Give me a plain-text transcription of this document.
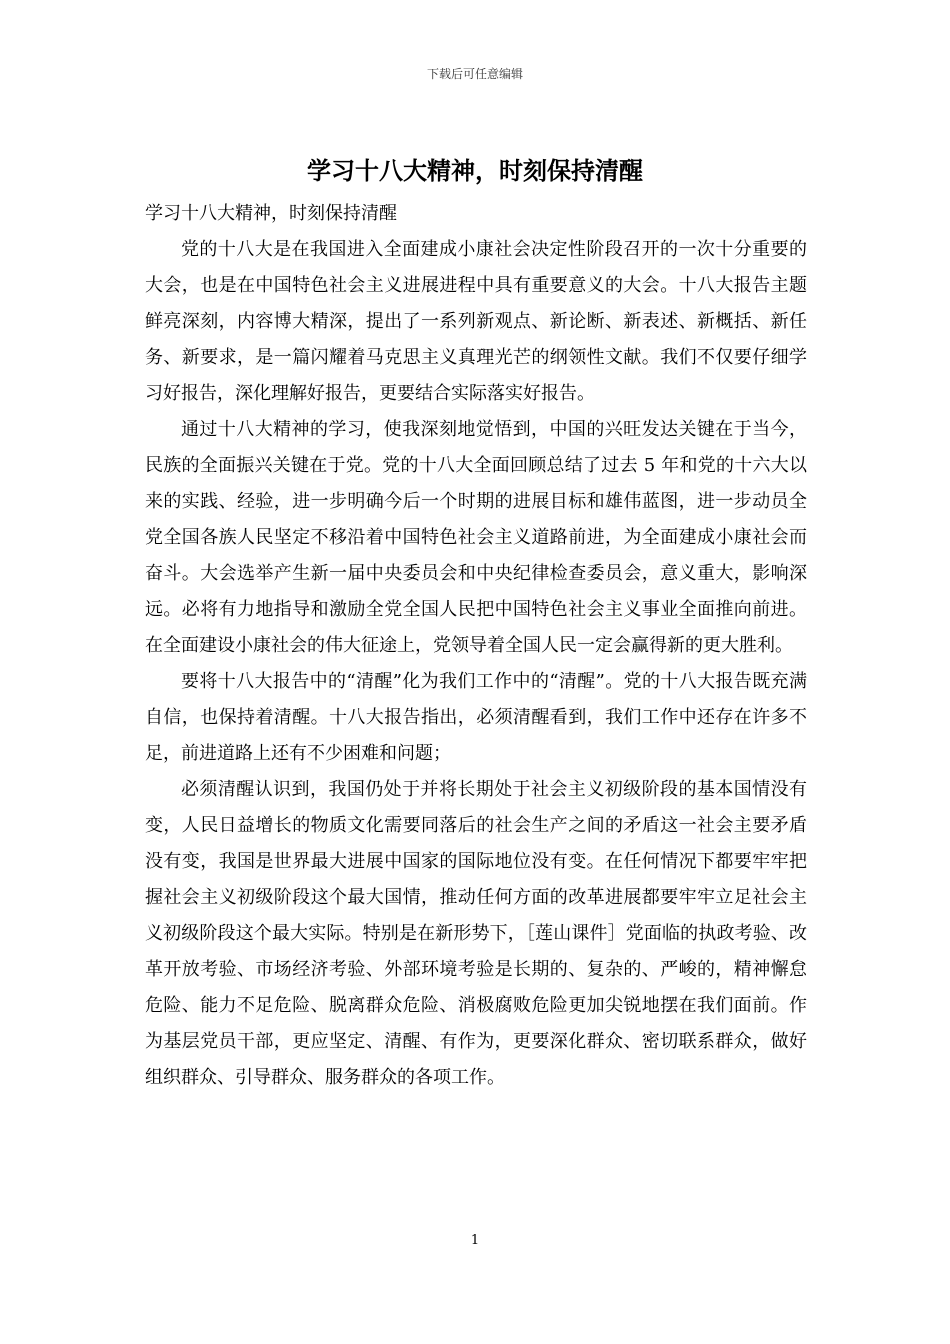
下载后可任意编辑
学习十八大精神，时刻保持清醒

学习十八大精神，时刻保持清醒

党的十八大是在我国进入全面建成小康社会决定性阶段召开的一次十分重要的大会，也是在中国特色社会主义进展进程中具有重要意义的大会。十八大报告主题鲜亮深刻，内容博大精深，提出了一系列新观点、新论断、新表述、新概括、新任务、新要求，是一篇闪耀着马克思主义真理光芒的纲领性文献。我们不仅要仔细学习好报告，深化理解好报告，更要结合实际落实好报告。

通过十八大精神的学习，使我深刻地觉悟到，中国的兴旺发达关键在于当今，民族的全面振兴关键在于党。党的十八大全面回顾总结了过去 5 年和党的十六大以来的实践、经验，进一步明确今后一个时期的进展目标和雄伟蓝图，进一步动员全党全国各族人民坚定不移沿着中国特色社会主义道路前进，为全面建成小康社会而奋斗。大会选举产生新一届中央委员会和中央纪律检查委员会，意义重大，影响深远。必将有力地指导和激励全党全国人民把中国特色社会主义事业全面推向前进。在全面建设小康社会的伟大征途上，党领导着全国人民一定会赢得新的更大胜利。

要将十八大报告中的“清醒”化为我们工作中的“清醒”。党的十八大报告既充满自信，也保持着清醒。十八大报告指出，必须清醒看到，我们工作中还存在许多不足，前进道路上还有不少困难和问题；

必须清醒认识到，我国仍处于并将长期处于社会主义初级阶段的基本国情没有变，人民日益增长的物质文化需要同落后的社会生产之间的矛盾这一社会主要矛盾没有变，我国是世界最大进展中国家的国际地位没有变。在任何情况下都要牢牢把握社会主义初级阶段这个最大国情，推动任何方面的改革进展都要牢牢立足社会主义初级阶段这个最大实际。特别是在新形势下，［莲山课件］党面临的执政考验、改革开放考验、市场经济考验、外部环境考验是长期的、复杂的、严峻的，精神懈怠危险、能力不足危险、脱离群众危险、消极腐败危险更加尖锐地摆在我们面前。作为基层党员干部，更应坚定、清醒、有作为，更要深化群众、密切联系群众，做好组织群众、引导群众、服务群众的各项工作。

1
